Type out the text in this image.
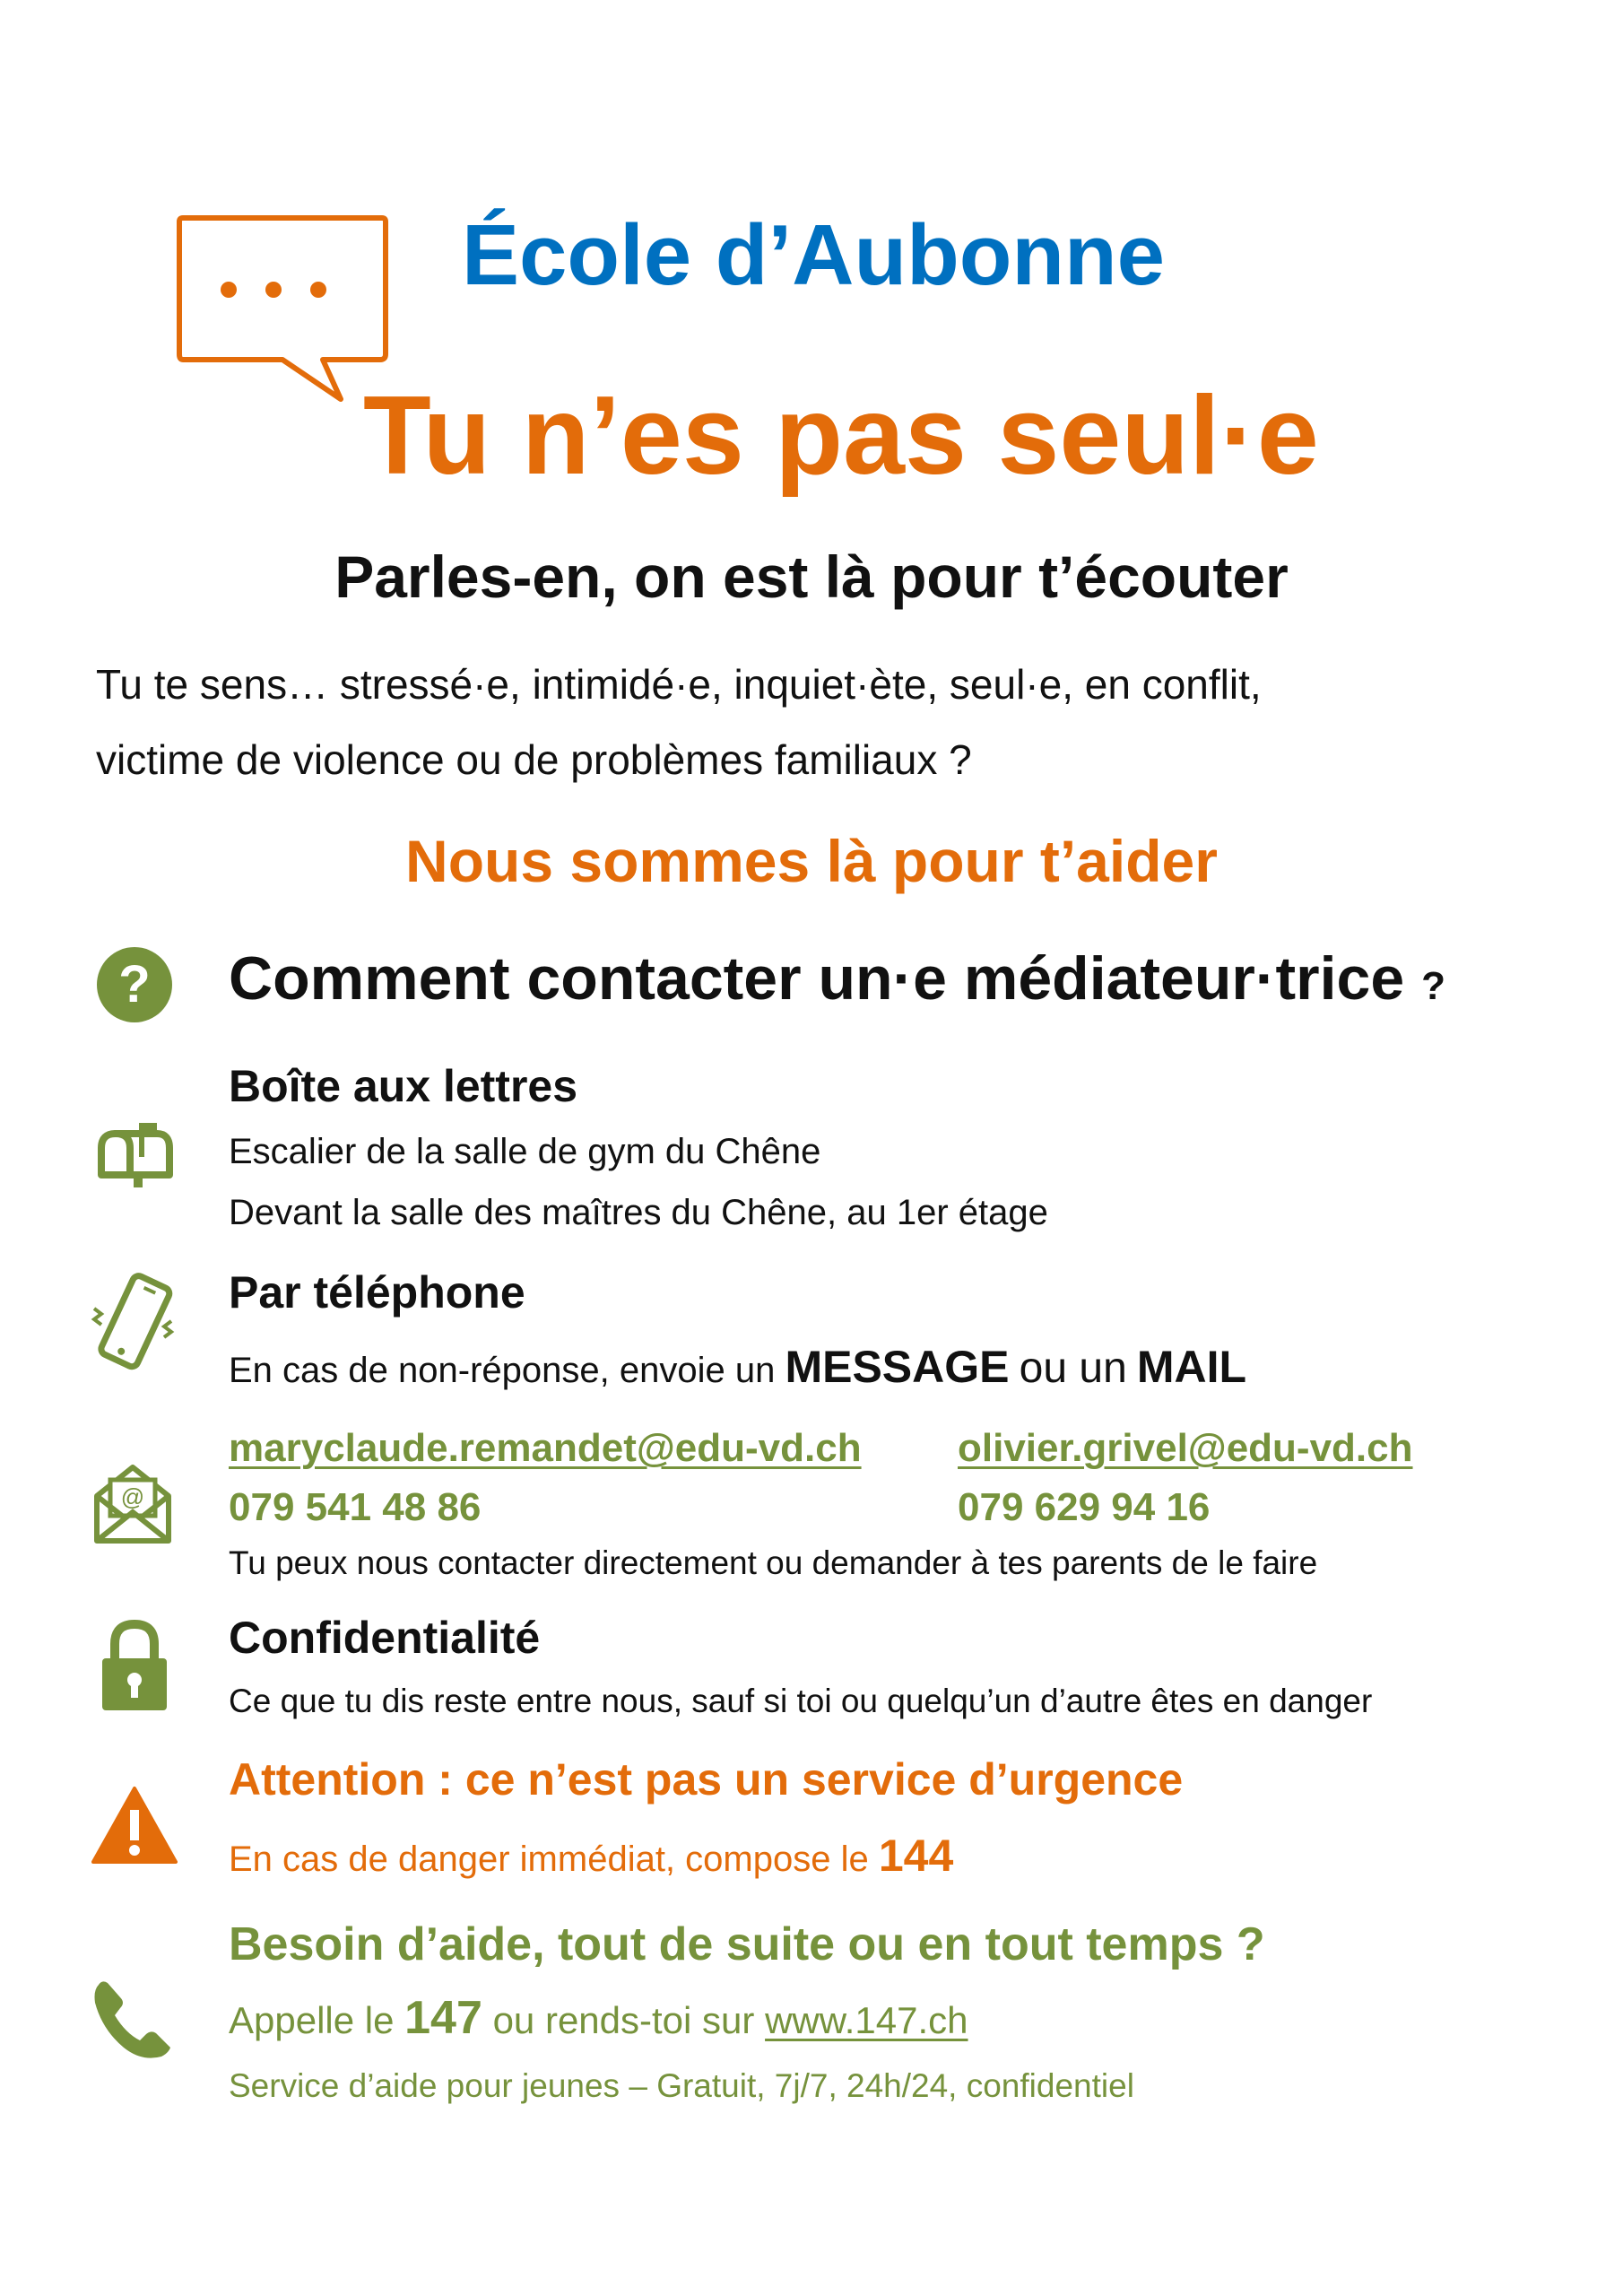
École d’Aubonne
Tu n’es pas seul·e
Parles-en, on est là pour t’écouter
Tu te sens… stressé·e, intimidé·e, inquiet·ète, seul·e, en conflit,
victime de violence ou de problèmes familiaux ?
Nous sommes là pour t’aider
? Comment contacter un·e médiateur·trice ?
Boîte aux lettres
Escalier de la salle de gym du Chêne
Devant la salle des maîtres du Chêne, au 1er étage
Par téléphone
En cas de non-réponse, envoie un MESSAGE ou un MAIL
@
maryclaude.remandet@edu-vd.ch olivier.grivel@edu-vd.ch
079 541 48 86	079 629 94 16
Tu peux nous contacter directement ou demander à tes parents de le faire
Confidentialité
Ce que tu dis reste entre nous, sauf si toi ou quelqu’un d’autre êtes en danger
Attention : ce n’est pas un service d’urgence
En cas de danger immédiat, compose le 144
Besoin d’aide, tout de suite ou en tout temps ?
Appelle le 147 ou rends-toi sur www.147.ch
Service d’aide pour jeunes – Gratuit, 7j/7, 24h/24, confidentiel
